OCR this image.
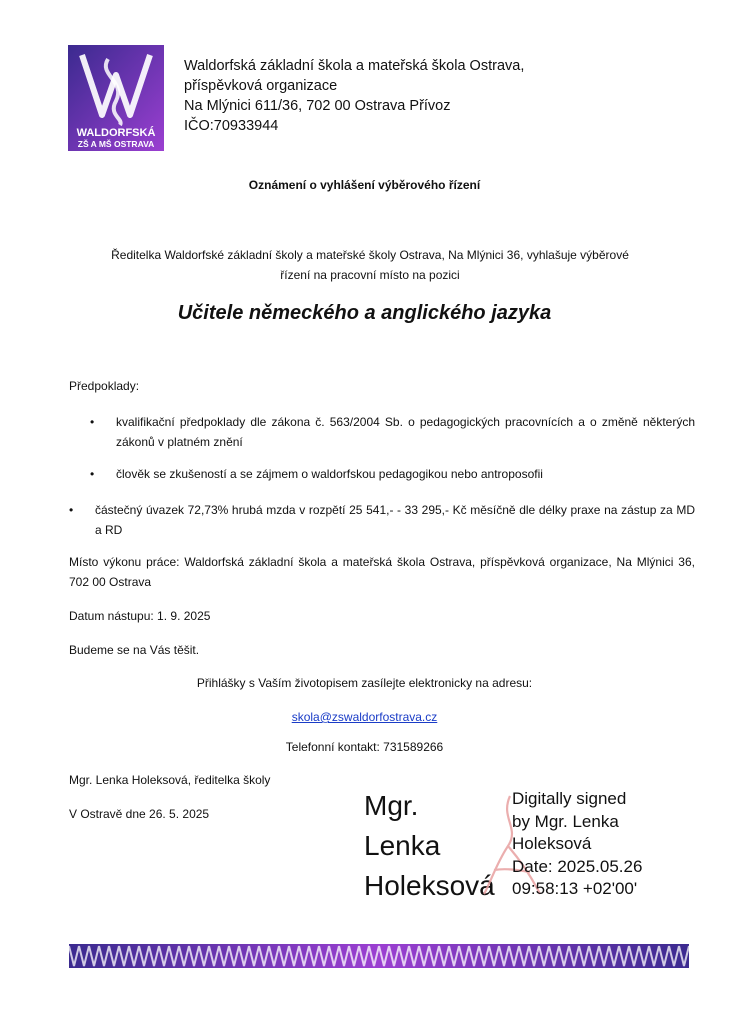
WALDORFSKÁ
ZŠ A MŠ OSTRAVA
Waldorfská základní škola a mateřská škola Ostrava,
příspěvková organizace
Na Mlýnici 611/36, 702 00 Ostrava Přívoz
IČO:70933944
Oznámení o vyhlášení výběrového řízení
Ředitelka Waldorfské základní školy a mateřské školy Ostrava, Na Mlýnici 36, vyhlašuje výběrové
řízení na pracovní místo na pozici
Učitele německého a anglického jazyka
Předpoklady:
• kvalifikační předpoklady dle zákona č. 563/2004 Sb. o pedagogických pracovnících a o změně některých zákonů v platném znění
• člověk se zkušeností a se zájmem o waldorfskou pedagogikou nebo antroposofii
• částečný úvazek 72,73% hrubá mzda v rozpětí 25 541,- - 33 295,- Kč měsíčně dle délky praxe na zástup za MD a RD
Místo výkonu práce: Waldorfská základní škola a mateřská škola Ostrava, příspěvková organizace, Na Mlýnici 36, 702 00 Ostrava
Datum nástupu: 1. 9. 2025
Budeme se na Vás těšit.
Přihlášky s Vaším životopisem zasílejte elektronicky na adresu:
skola@zswaldorfostrava.cz
Telefonní kontakt: 731589266
Mgr. Lenka Holeksová, ředitelka školy
V Ostravě dne 26. 5. 2025	Mgr.
Lenka
Holeksová
Digitally signed
by Mgr. Lenka
Holeksová
Date: 2025.05.26
09:58:13 +02'00'
